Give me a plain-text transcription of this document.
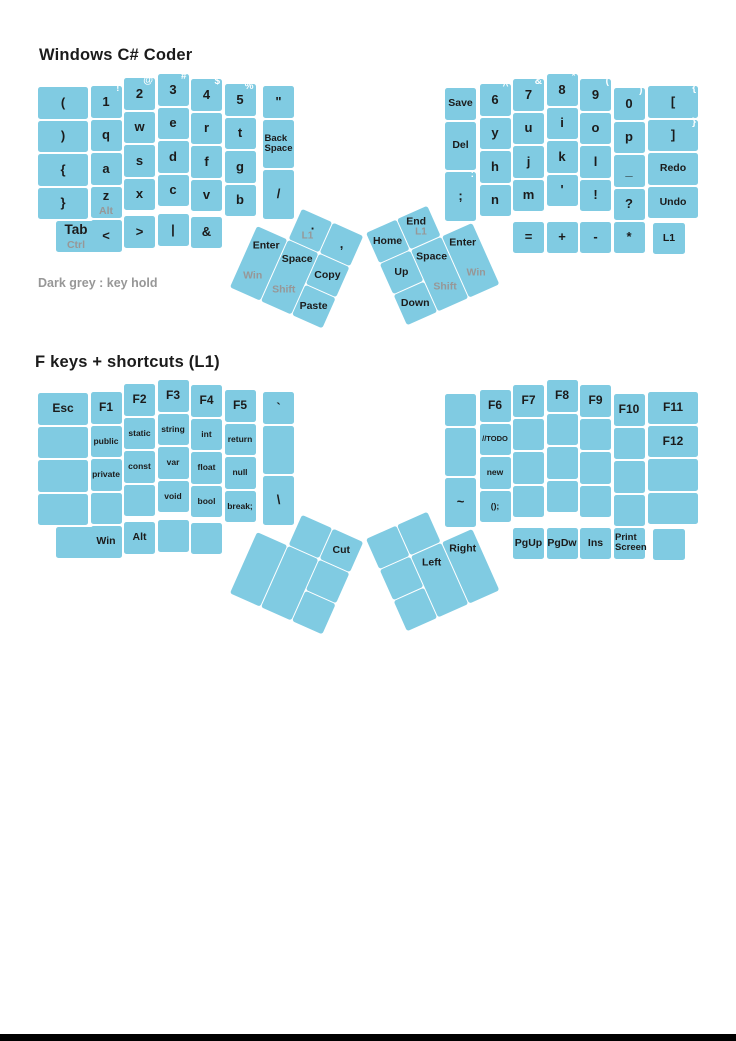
Windows C# Coder
Dark grey : key hold
F keys + shortcuts (L1)
.
L1
,
Enter
Win
Space
Shift
Copy
Paste
Home
End
L1
Up
Down
Space
Shift
Enter
Win
(
)
{
}
1
!
q
a
z
Alt
2
@
w
s
x
3
#
e
d
c
4
$
r
f
v
5
%
t
g
b
"
Back Space
/
Tab
Ctrl
<	>	|	&
Save
Del
;
:
6
^
y
h
n
7
&
u
j
m
8
*
i
k
'
9
(
o
l
!
0
)
p
_
?
[
{
]
}
Redo
Undo
=	+	-	*	L1
Cut
Left
Right
Esc	F1
public
private
F2
static
const
F3
string
var
void
F4
int
float
bool
F5
return
null
break;
`
\
Win	Alt
~
F6
//TODO
new
();
F7	F8	F9
F10	F11
F12
PgUp PgDw	Ins	Print Screen
